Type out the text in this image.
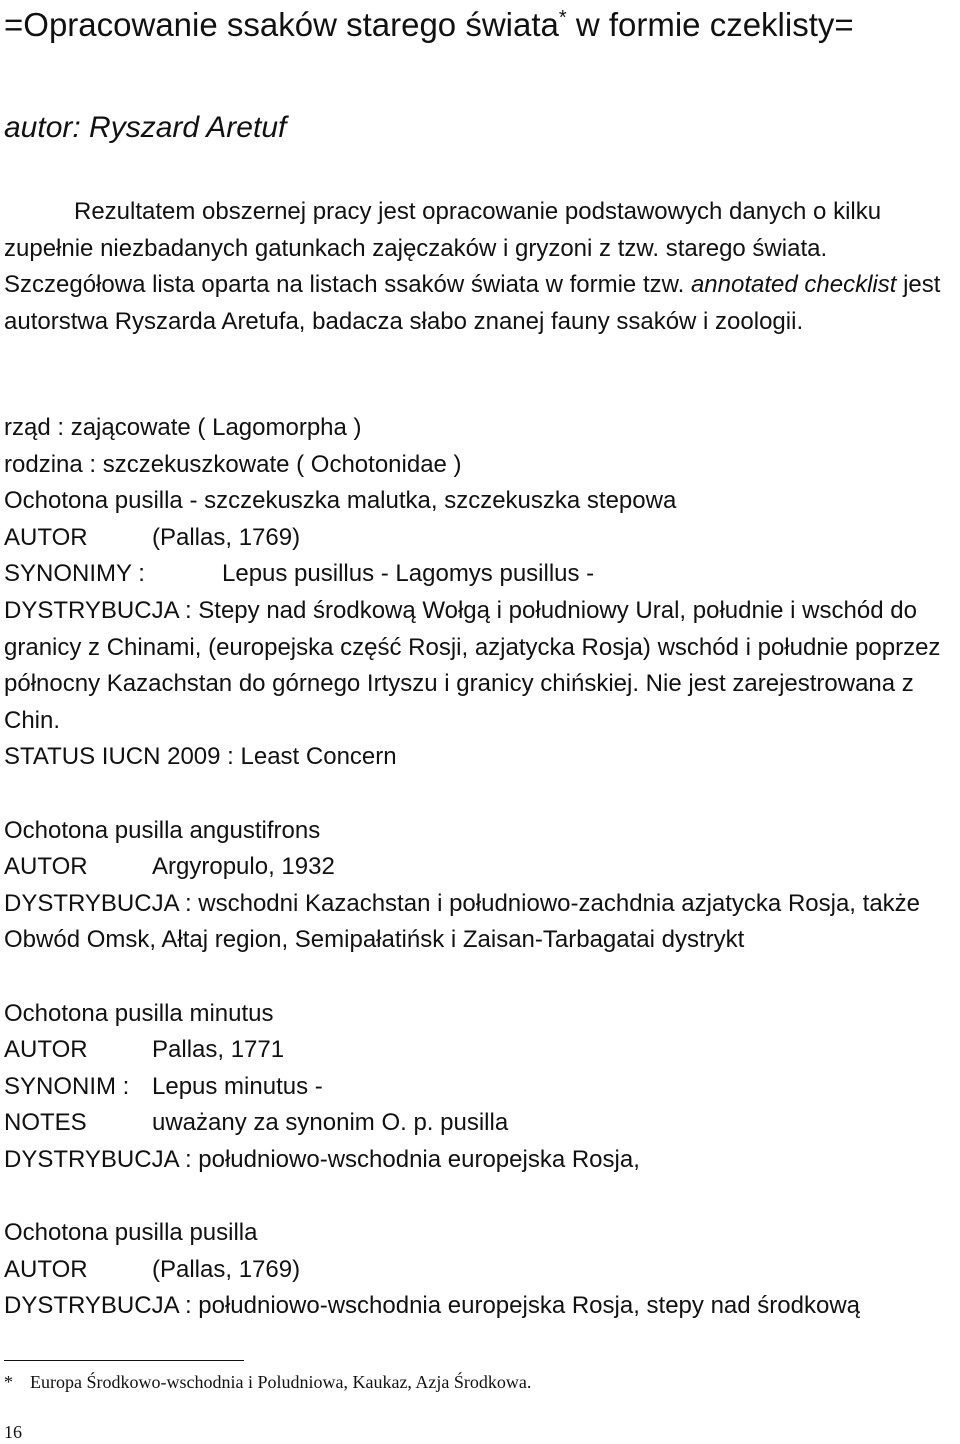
=Opracowanie ssaków starego świata* w formie czeklisty=
autor: Ryszard Aretuf
Rezultatem obszernej pracy jest opracowanie podstawowych danych o kilku zupełnie niezbadanych gatunkach zajęczaków i gryzoni z tzw. starego świata. Szczegółowa lista oparta na listach ssaków świata w formie tzw. annotated checklist jest autorstwa Ryszarda Aretufa, badacza słabo znanej fauny ssaków i zoologii.
rząd : zającowate ( Lagomorpha )
rodzina : szczekuszkowate ( Ochotonidae )
Ochotona pusilla - szczekuszka malutka, szczekuszka stepowa
AUTOR	(Pallas, 1769)
SYNONIMY :	Lepus pusillus - Lagomys pusillus -
DYSTRYBUCJA : Stepy nad środkową Wołgą i południowy Ural, południe i wschód do granicy z Chinami, (europejska część Rosji, azjatycka Rosja) wschód i południe poprzez północny Kazachstan do górnego Irtyszu i granicy chińskiej. Nie jest zarejestrowana z Chin.
STATUS IUCN 2009 : Least Concern
Ochotona pusilla angustifrons
AUTOR	Argyropulo, 1932
DYSTRYBUCJA : wschodni Kazachstan i południowo-zachdnia azjatycka Rosja, także Obwód Omsk, Ałtaj region, Semipałatińsk i Zaisan-Tarbagatai dystrykt
Ochotona pusilla minutus
AUTOR	Pallas, 1771
SYNONIM : Lepus minutus -
NOTES	uważany za synonim O. p. pusilla
DYSTRYBUCJA : południowo-wschodnia europejska Rosja,
Ochotona pusilla pusilla
AUTOR	(Pallas, 1769)
DYSTRYBUCJA : południowo-wschodnia europejska Rosja, stepy nad środkową
* Europa Środkowo-wschodnia i Poludniowa, Kaukaz, Azja Środkowa.
16
